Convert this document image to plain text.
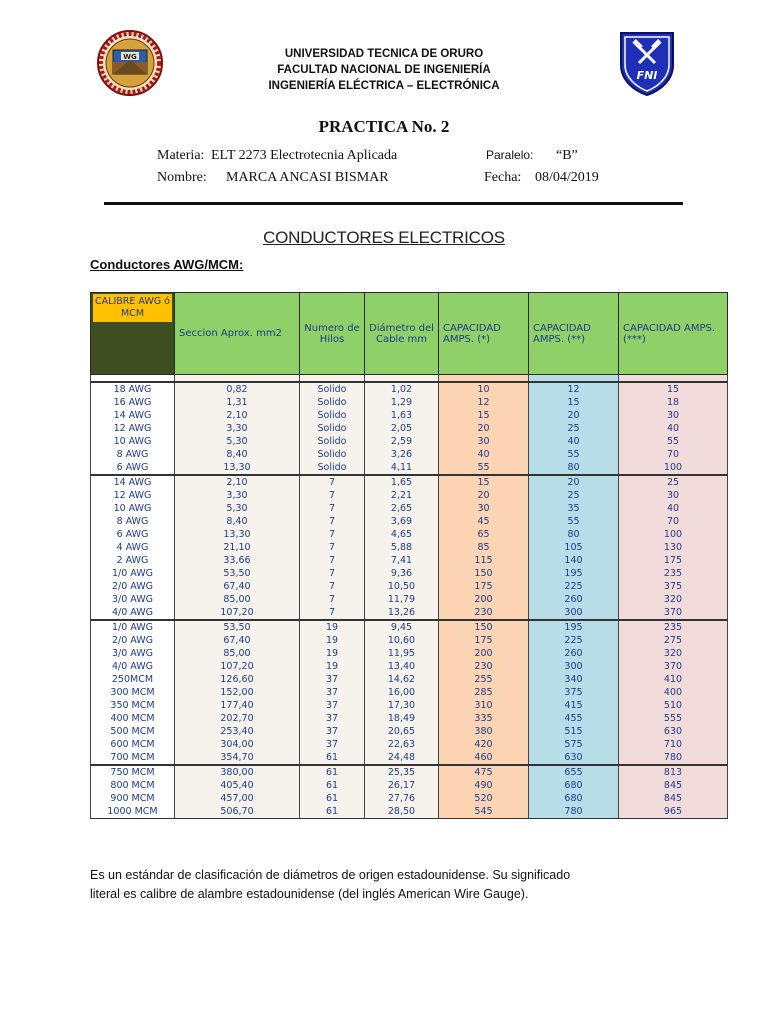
WG
FNI
UNIVERSIDAD TECNICA DE ORURO
FACULTAD NACIONAL DE INGENIERÍA
INGENIERÍA ELÉCTRICA – ELECTRÓNICA
PRACTICA No. 2
Materia: ELT 2273 Electrotecnia Aplicada
Nombre: MARCA ANCASI BISMAR
Paralelo: “B”
Fecha: 08/04/2019
CONDUCTORES ELECTRICOS
Conductores AWG/MCM:
CALIBRE AWG ó MCM	Seccion Aprox. mm2	Numero de Hilos	Diámetro del Cable mm	CAPACIDAD AMPS. (*)	CAPACIDAD AMPS. (**)	CAPACIDAD AMPS. (***)

18 AWG	0,82	Solido	1,02	10	12	15
16 AWG	1,31	Solido	1,29	12	15	18
14 AWG	2,10	Solido	1,63	15	20	30
12 AWG	3,30	Solido	2,05	20	25	40
10 AWG	5,30	Solido	2,59	30	40	55
8 AWG	8,40	Solido	3,26	40	55	70
6 AWG	13,30	Solido	4,11	55	80	100
14 AWG	2,10	7	1,65	15	20	25
12 AWG	3,30	7	2,21	20	25	30
10 AWG	5,30	7	2,65	30	35	40
8 AWG	8,40	7	3,69	45	55	70
6 AWG	13,30	7	4,65	65	80	100
4 AWG	21,10	7	5,88	85	105	130
2 AWG	33,66	7	7,41	115	140	175
1/0 AWG	53,50	7	9,36	150	195	235
2/0 AWG	67,40	7	10,50	175	225	375
3/0 AWG	85,00	7	11,79	200	260	320
4/0 AWG	107,20	7	13,26	230	300	370
1/0 AWG	53,50	19	9,45	150	195	235
2/0 AWG	67,40	19	10,60	175	225	275
3/0 AWG	85,00	19	11,95	200	260	320
4/0 AWG	107,20	19	13,40	230	300	370
250MCM	126,60	37	14,62	255	340	410
300 MCM	152,00	37	16,00	285	375	400
350 MCM	177,40	37	17,30	310	415	510
400 MCM	202,70	37	18,49	335	455	555
500 MCM	253,40	37	20,65	380	515	630
600 MCM	304,00	37	22,63	420	575	710
700 MCM	354,70	61	24,48	460	630	780
750 MCM	380,00	61	25,35	475	655	813
800 MCM	405,40	61	26,17	490	680	845
900 MCM	457,00	61	27,76	520	680	845
1000 MCM	506,70	61	28,50	545	780	965
Es un estándar de clasificación de diámetros de origen estadounidense. Su significado
literal es calibre de alambre estadounidense (del inglés American Wire Gauge).
